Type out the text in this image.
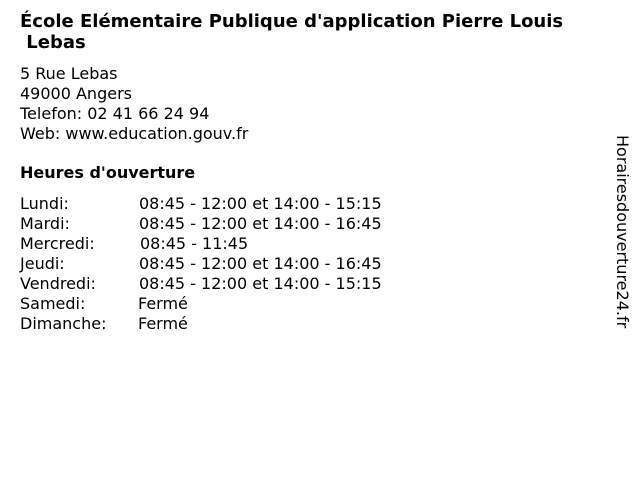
École Elémentaire Publique d'application Pierre Louis
Lebas
5 Rue Lebas
49000 Angers
Telefon: 02 41 66 24 94
Web: www.education.gouv.fr
Heures d'ouverture
Lundi:	08:45 - 12:00 et 14:00 - 15:15
Mardi:	08:45 - 12:00 et 14:00 - 16:45
Mercredi:	08:45 - 11:45
Jeudi:	08:45 - 12:00 et 14:00 - 16:45
Vendredi:	08:45 - 12:00 et 14:00 - 15:15
Samedi:	Fermé
Dimanche: Fermé	Horairesdouverture24.fr
